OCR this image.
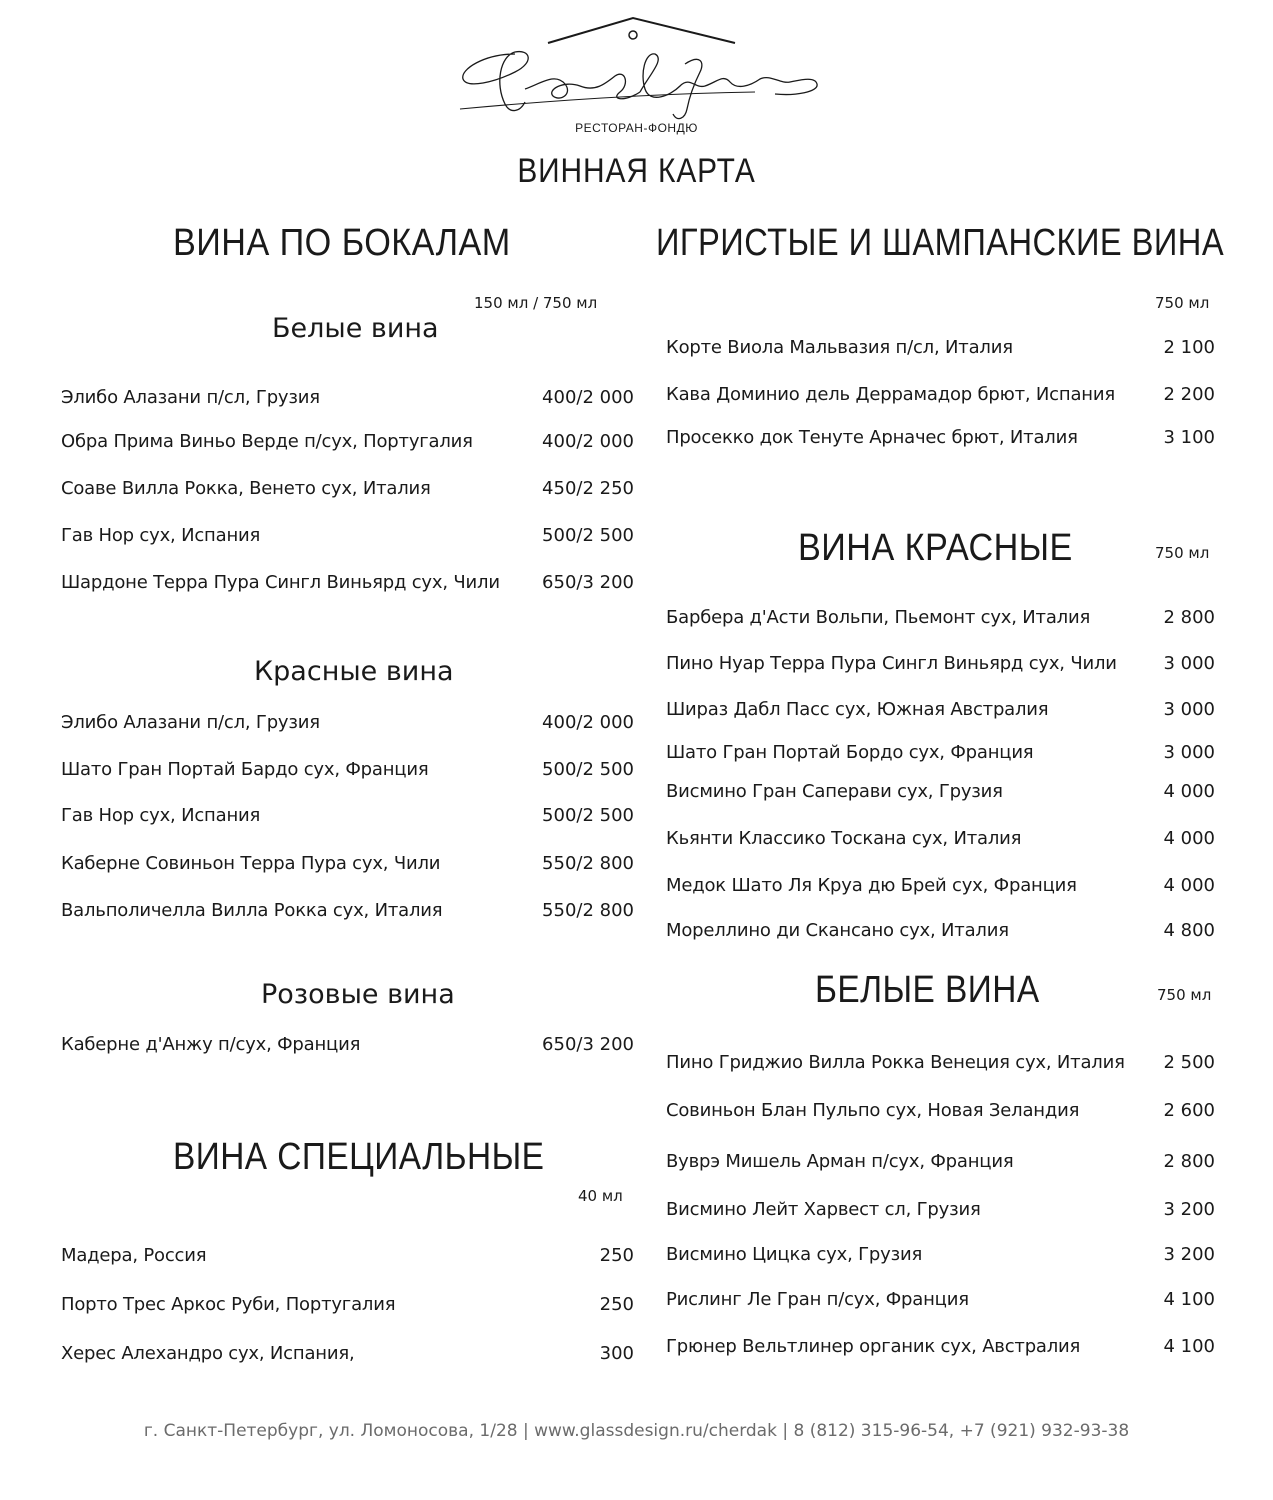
РЕСТОРАН-ФОНДЮ
ВИННАЯ КАРТА
ВИНА ПО БОКАЛАМ
150 мл / 750 мл
Белые вина
Элибо Алазани п/сл, Грузия	400/2 000
Обра Прима Виньо Верде п/сух, Португалия	400/2 000
Соаве Вилла Рокка, Венето сух, Италия	450/2 250
Гав Нор сух, Испания	500/2 500
Шардоне Терра Пура Сингл Виньярд сух, Чили 650/3 200
Красные вина
Элибо Алазани п/сл, Грузия	400/2 000
Шато Гран Портай Бардо сух, Франция	500/2 500
Гав Нор сух, Испания	500/2 500
Каберне Совиньон Терра Пура сух, Чили	550/2 800
Вальполичелла Вилла Рокка сух, Италия	550/2 800
Розовые вина
Каберне д'Анжу п/сух, Франция	650/3 200
ВИНА СПЕЦИАЛЬНЫЕ
40 мл
Мадера, Россия	250
Порто Трес Аркос Руби, Португалия	250
Херес Алехандро сух, Испания,	300
ИГРИСТЫЕ И ШАМПАНСКИЕ ВИНА
750 мл
Корте Виола Мальвазия п/сл, Италия	2 100
Кава Доминио дель Деррамадор брют, Испания	2 200
Просекко док Тенуте Арначес брют, Италия	3 100
ВИНА КРАСНЫЕ	750 мл
Барбера д'Асти Вольпи, Пьемонт сух, Италия	2 800
Пино Нуар Терра Пура Сингл Виньярд сух, Чили	3 000
Шираз Дабл Пасс сух, Южная Австралия	3 000
Шато Гран Портай Бордо сух, Франция	3 000
Висмино Гран Саперави сух, Грузия	4 000
Кьянти Классико Тоскана сух, Италия	4 000
Медок Шато Ля Круа дю Брей сух, Франция	4 000
Мореллино ди Скансано сух, Италия	4 800
БЕЛЫЕ ВИНА	750 мл
Пино Гриджио Вилла Рокка Венеция сух, Италия 2 500
Совиньон Блан Пульпо сух, Новая Зеландия	2 600
Вуврэ Мишель Арман п/сух, Франция	2 800
Висмино Лейт Харвест сл, Грузия	3 200
Висмино Цицка сух, Грузия	3 200
Рислинг Ле Гран п/сух, Франция	4 100
Грюнер Вельтлинер органик сух, Австралия	4 100
г. Санкт-Петербург, ул. Ломоносова, 1/28 | www.glassdesign.ru/cherdak | 8 (812) 315-96-54, +7 (921) 932-93-38
